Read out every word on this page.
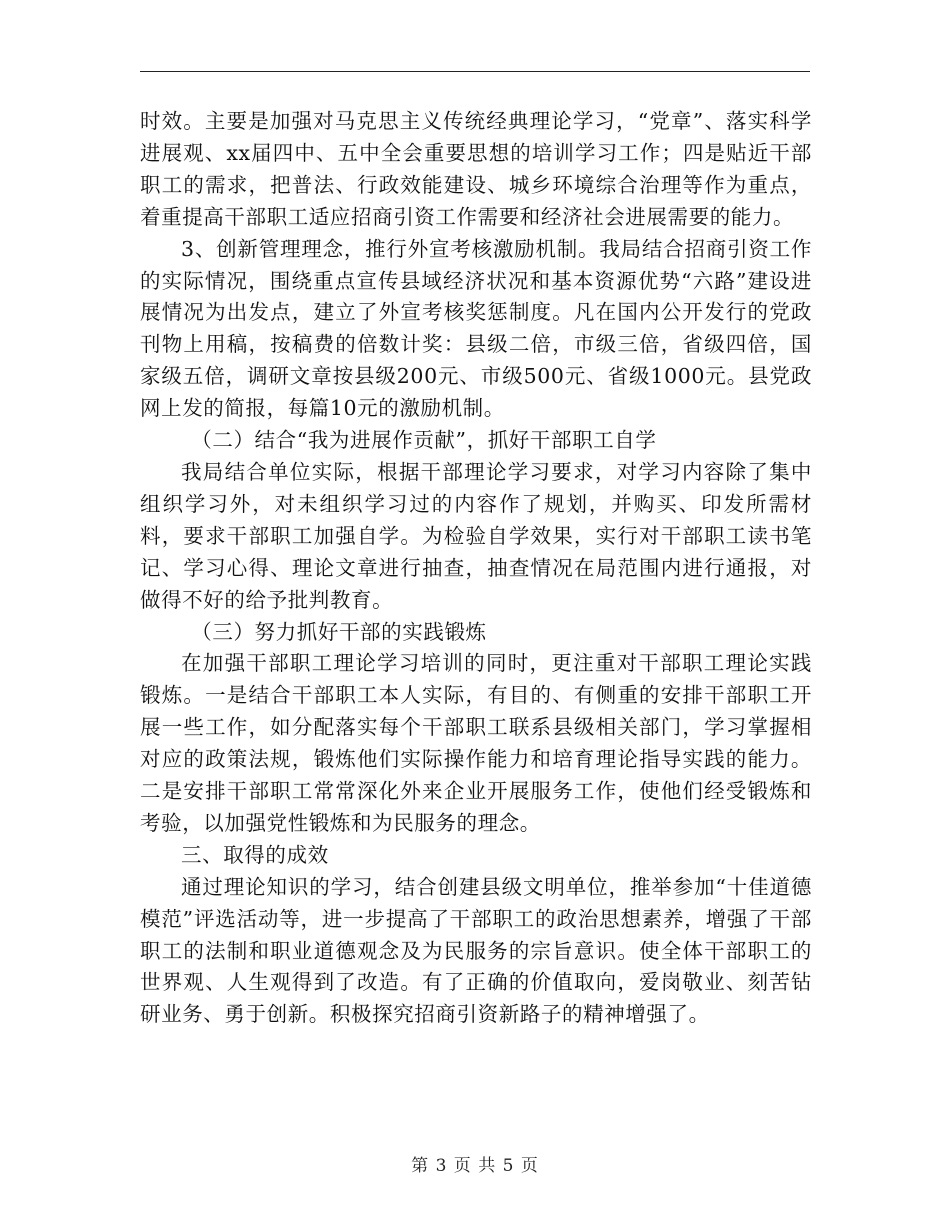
时效。主要是加强对马克思主义传统经典理论学习，“党章”、落实科学进展观、xx届四中、五中全会重要思想的培训学习工作；四是贴近干部职工的需求，把普法、行政效能建设、城乡环境综合治理等作为重点，着重提高干部职工适应招商引资工作需要和经济社会进展需要的能力。

3、创新管理理念，推行外宣考核激励机制。我局结合招商引资工作的实际情况，围绕重点宣传县域经济状况和基本资源优势“六路”建设进展情况为出发点，建立了外宣考核奖惩制度。凡在国内公开发行的党政刊物上用稿，按稿费的倍数计奖：县级二倍，市级三倍，省级四倍，国家级五倍，调研文章按县级200元、市级500元、省级1000元。县党政网上发的简报，每篇10元的激励机制。

（二）结合“我为进展作贡献”，抓好干部职工自学

我局结合单位实际，根据干部理论学习要求，对学习内容除了集中组织学习外，对未组织学习过的内容作了规划，并购买、印发所需材料，要求干部职工加强自学。为检验自学效果，实行对干部职工读书笔记、学习心得、理论文章进行抽查，抽查情况在局范围内进行通报，对做得不好的给予批判教育。

（三）努力抓好干部的实践锻炼

在加强干部职工理论学习培训的同时，更注重对干部职工理论实践锻炼。一是结合干部职工本人实际，有目的、有侧重的安排干部职工开展一些工作，如分配落实每个干部职工联系县级相关部门，学习掌握相对应的政策法规，锻炼他们实际操作能力和培育理论指导实践的能力。二是安排干部职工常常深化外来企业开展服务工作，使他们经受锻炼和考验，以加强党性锻炼和为民服务的理念。

三、取得的成效

通过理论知识的学习，结合创建县级文明单位，推举参加“十佳道德模范”评选活动等，进一步提高了干部职工的政治思想素养，增强了干部职工的法制和职业道德观念及为民服务的宗旨意识。使全体干部职工的世界观、人生观得到了改造。有了正确的价值取向，爱岗敬业、刻苦钻研业务、勇于创新。积极探究招商引资新路子的精神增强了。

第 3 页 共 5 页
